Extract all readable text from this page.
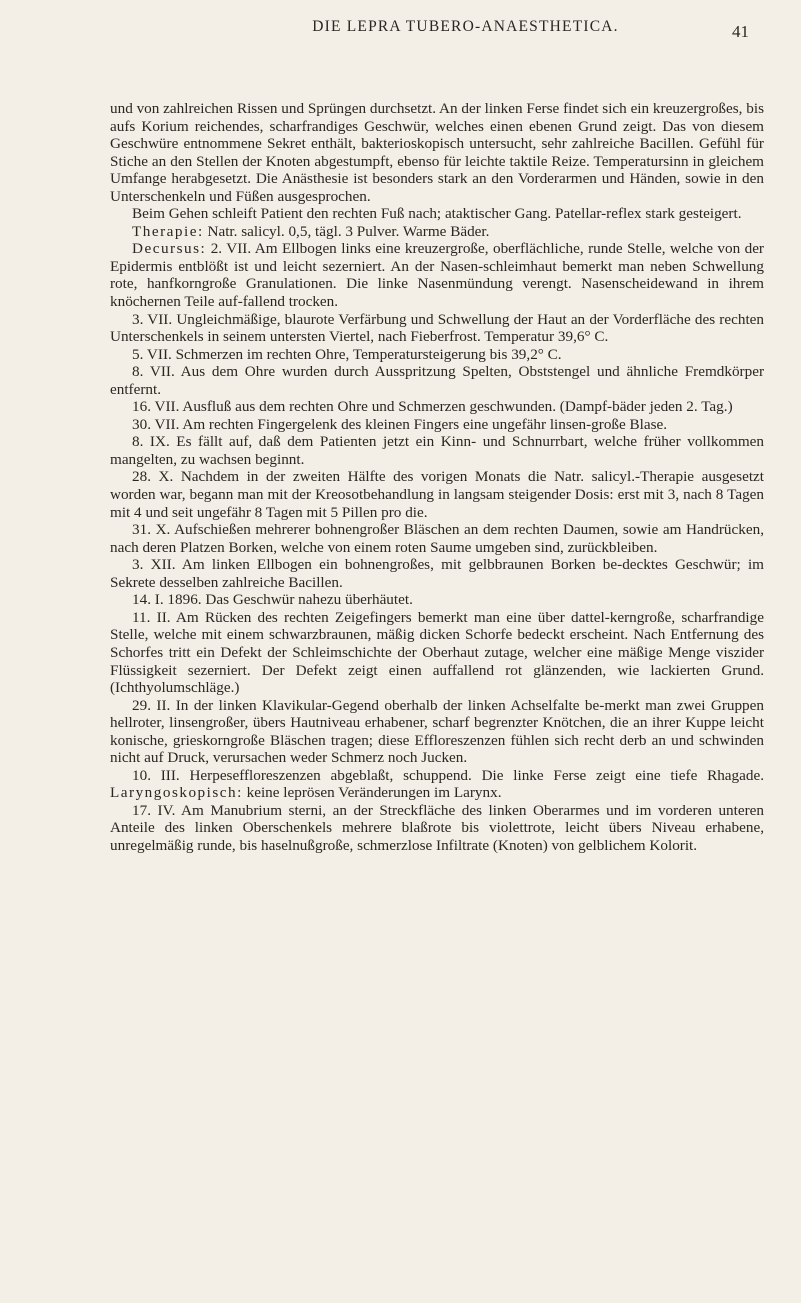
DIE LEPRA TUBERO-ANAESTHETICA.	41

und von zahlreichen Rissen und Sprüngen durchsetzt. An der linken Ferse findet sich ein kreuzergroßes, bis aufs Korium reichendes, scharfrandiges Geschwür, welches einen ebenen Grund zeigt. Das von diesem Geschwüre entnommene Sekret enthält, bakterioskopisch untersucht, sehr zahlreiche Bacillen. Gefühl für Stiche an den Stellen der Knoten abgestumpft, ebenso für leichte taktile Reize. Temperatursinn in gleichem Umfange herabgesetzt. Die Anästhesie ist besonders stark an den Vorderarmen und Händen, sowie in den Unterschenkeln und Füßen ausgesprochen.

Beim Gehen schleift Patient den rechten Fuß nach; ataktischer Gang. Patellar-reflex stark gesteigert.

Therapie: Natr. salicyl. 0,5, tägl. 3 Pulver. Warme Bäder.

Decursus: 2. VII. Am Ellbogen links eine kreuzergroße, oberflächliche, runde Stelle, welche von der Epidermis entblößt ist und leicht sezerniert. An der Nasen-schleimhaut bemerkt man neben Schwellung rote, hanfkorngroße Granulationen. Die linke Nasenmündung verengt. Nasenscheidewand in ihrem knöchernen Teile auf-fallend trocken.

3. VII. Ungleichmäßige, blaurote Verfärbung und Schwellung der Haut an der Vorderfläche des rechten Unterschenkels in seinem untersten Viertel, nach Fieberfrost. Temperatur 39,6° C.

5. VII. Schmerzen im rechten Ohre, Temperatursteigerung bis 39,2° C.

8. VII. Aus dem Ohre wurden durch Ausspritzung Spelten, Obststengel und ähnliche Fremdkörper entfernt.

16. VII. Ausfluß aus dem rechten Ohre und Schmerzen geschwunden. (Dampf-bäder jeden 2. Tag.)

30. VII. Am rechten Fingergelenk des kleinen Fingers eine ungefähr linsen-große Blase.

8. IX. Es fällt auf, daß dem Patienten jetzt ein Kinn- und Schnurrbart, welche früher vollkommen mangelten, zu wachsen beginnt.

28. X. Nachdem in der zweiten Hälfte des vorigen Monats die Natr. salicyl.-Therapie ausgesetzt worden war, begann man mit der Kreosotbehandlung in langsam steigender Dosis: erst mit 3, nach 8 Tagen mit 4 und seit ungefähr 8 Tagen mit 5 Pillen pro die.

31. X. Aufschießen mehrerer bohnengroßer Bläschen an dem rechten Daumen, sowie am Handrücken, nach deren Platzen Borken, welche von einem roten Saume umgeben sind, zurückbleiben.

3. XII. Am linken Ellbogen ein bohnengroßes, mit gelbbraunen Borken be-decktes Geschwür; im Sekrete desselben zahlreiche Bacillen.

14. I. 1896. Das Geschwür nahezu überhäutet.

11. II. Am Rücken des rechten Zeigefingers bemerkt man eine über dattel-kerngroße, scharfrandige Stelle, welche mit einem schwarzbraunen, mäßig dicken Schorfe bedeckt erscheint. Nach Entfernung des Schorfes tritt ein Defekt der Schleimschichte der Oberhaut zutage, welcher eine mäßige Menge viszider Flüssigkeit sezerniert. Der Defekt zeigt einen auffallend rot glänzenden, wie lackierten Grund. (Ichthyolumschläge.)

29. II. In der linken Klavikular-Gegend oberhalb der linken Achselfalte be-merkt man zwei Gruppen hellroter, linsengroßer, übers Hautniveau erhabener, scharf begrenzter Knötchen, die an ihrer Kuppe leicht konische, grieskorngroße Bläschen tragen; diese Effloreszenzen fühlen sich recht derb an und schwinden nicht auf Druck, verursachen weder Schmerz noch Jucken.

10. III. Herpeseffloreszenzen abgeblaßt, schuppend. Die linke Ferse zeigt eine tiefe Rhagade. Laryngoskopisch: keine leprösen Veränderungen im Larynx.

17. IV. Am Manubrium sterni, an der Streckfläche des linken Oberarmes und im vorderen unteren Anteile des linken Oberschenkels mehrere blaßrote bis violettrote, leicht übers Niveau erhabene, unregelmäßig runde, bis haselnußgroße, schmerzlose Infiltrate (Knoten) von gelblichem Kolorit.
